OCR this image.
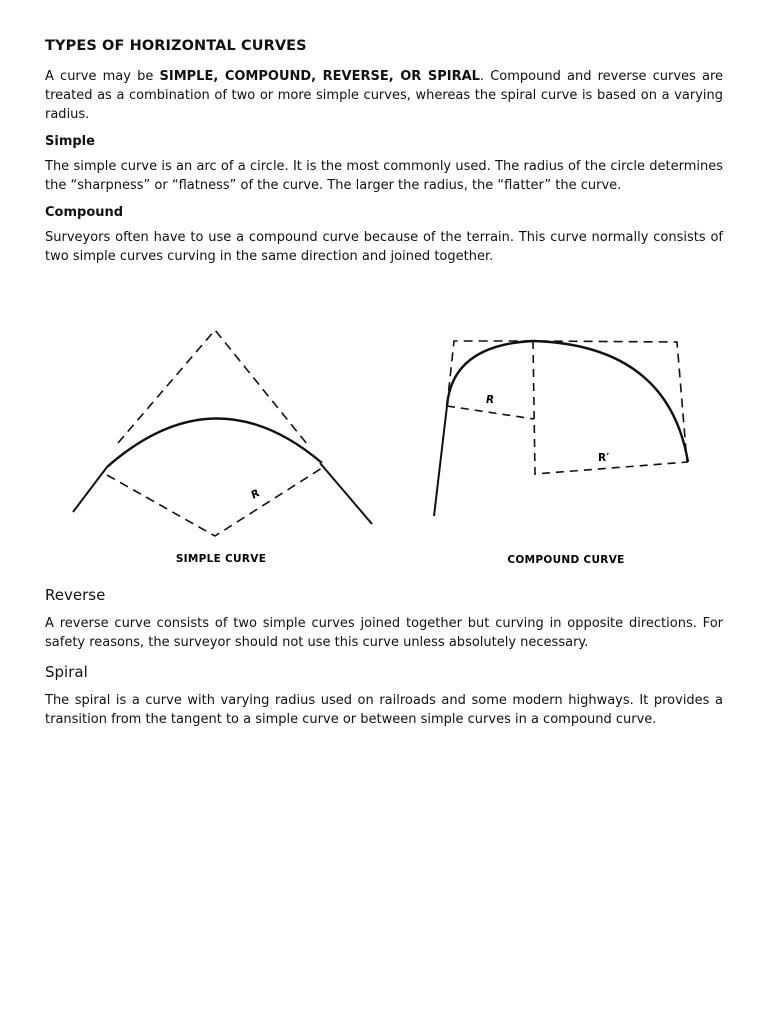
TYPES OF HORIZONTAL CURVES

A curve may be SIMPLE, COMPOUND, REVERSE, OR SPIRAL. Compound and reverse curves are treated as a combination of two or more simple curves, whereas the spiral curve is based on a varying radius.

Simple

The simple curve is an arc of a circle. It is the most commonly used. The radius of the circle determines the “sharpness” or “flatness” of the curve. The larger the radius, the “flatter” the curve.

Compound

Surveyors often have to use a compound curve because of the terrain. This curve normally consists of two simple curves curving in the same direction and joined together.

R
SIMPLE CURVE
R
R′
COMPOUND CURVE
Reverse

A reverse curve consists of two simple curves joined together but curving in opposite directions. For safety reasons, the surveyor should not use this curve unless absolutely necessary.

Spiral

The spiral is a curve with varying radius used on railroads and some modern highways. It provides a transition from the tangent to a simple curve or between simple curves in a compound curve.
